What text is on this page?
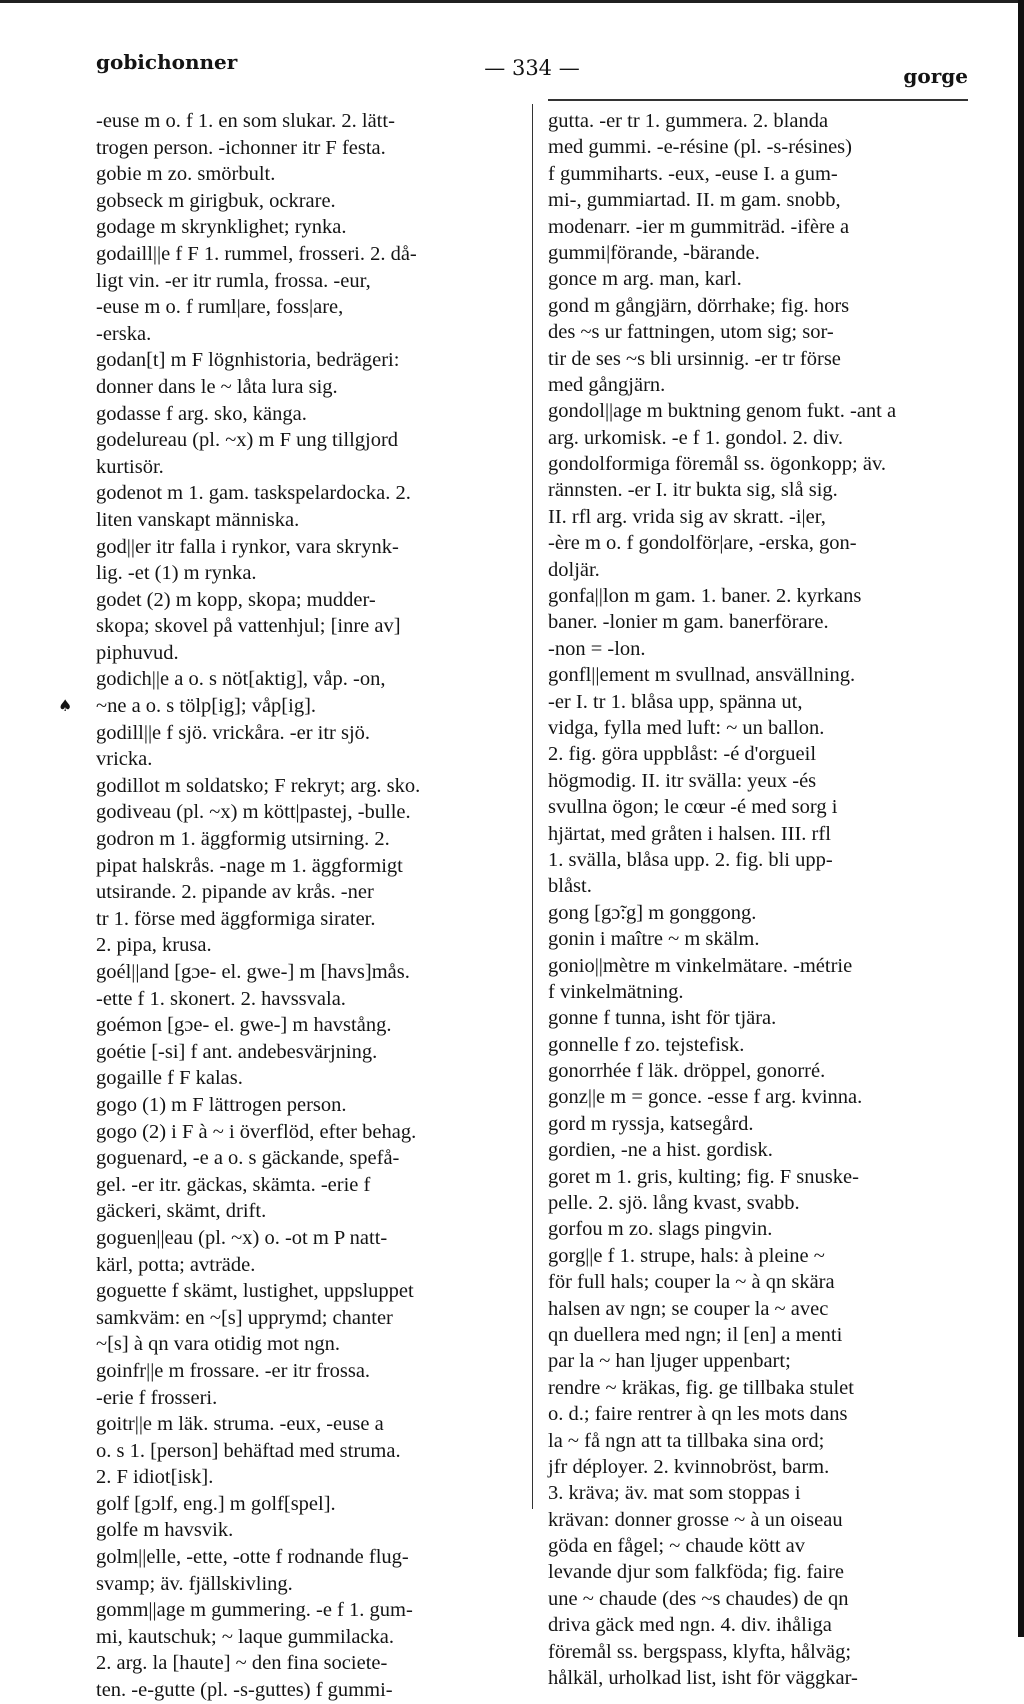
gobichonner	— 334 —	gorge
♠
-euse m o. f 1. en som slukar. 2. lätt-
trogen person. -ichonner itr F festa.
gobie m zo. smörbult.
gobseck m girigbuk, ockrare.
godage m skrynklighet; rynka.
godaill||e f F 1. rummel, frosseri. 2. då-
ligt vin. -er itr rumla, frossa. -eur,
-euse m o. f ruml|are, foss|are,
-erska.
godan[t] m F lögnhistoria, bedrägeri:
donner dans le ~ låta lura sig.
godasse f arg. sko, känga.
godelureau (pl. ~x) m F ung tillgjord
kurtisör.
godenot m 1. gam. taskspelardocka. 2.
liten vanskapt människa.
god||er itr falla i rynkor, vara skrynk-
lig. -et (1) m rynka.
godet (2) m kopp, skopa; mudder-
skopa; skovel på vattenhjul; [inre av]
piphuvud.
godich||e a o. s nöt[aktig], våp. -on,
~ne a o. s tölp[ig]; våp[ig].
godill||e f sjö. vrickåra. -er itr sjö.
vricka.
godillot m soldatsko; F rekryt; arg. sko.
godiveau (pl. ~x) m kött|pastej, -bulle.
godron m 1. äggformig utsirning. 2.
pipat halskrås. -nage m 1. äggformigt
utsirande. 2. pipande av krås. -ner
tr 1. förse med äggformiga sirater.
2. pipa, krusa.
goél||and [gɔe- el. gwe-] m [havs]mås.
-ette f 1. skonert. 2. havssvala.
goémon [gɔe- el. gwe-] m havstång.
goétie [-si] f ant. andebesvärjning.
gogaille f F kalas.
gogo (1) m F lättrogen person.
gogo (2) i F à ~ i överflöd, efter behag.
goguenard, -e a o. s gäckande, spefå-
gel. -er itr. gäckas, skämta. -erie f
gäckeri, skämt, drift.
goguen||eau (pl. ~x) o. -ot m P natt-
kärl, potta; avträde.
goguette f skämt, lustighet, uppsluppet
samkväm: en ~[s] upprymd; chanter
~[s] à qn vara otidig mot ngn.
goinfr||e m frossare. -er itr frossa.
-erie f frosseri.
goitr||e m läk. struma. -eux, -euse a
o. s 1. [person] behäftad med struma.
2. F idiot[isk].
golf [gɔlf, eng.] m golf[spel].
golfe m havsvik.
golm||elle, -ette, -otte f rodnande flug-
svamp; äv. fjällskivling.
gomm||age m gummering. -e f 1. gum-
mi, kautschuk; ~ laque gummilacka.
2. arg. la [haute] ~ den fina societe-
ten. -e-gutte (pl. -s-guttes) f gummi-
gutta. -er tr 1. gummera. 2. blanda
med gummi. -e-résine (pl. -s-résines)
f gummiharts. -eux, -euse I. a gum-
mi-, gummiartad. II. m gam. snobb,
modenarr. -ier m gummiträd. -ifère a
gummi|förande, -bärande.
gonce m arg. man, karl.
gond m gångjärn, dörrhake; fig. hors
des ~s ur fattningen, utom sig; sor-
tir de ses ~s bli ursinnig. -er tr förse
med gångjärn.
gondol||age m buktning genom fukt. -ant a
arg. urkomisk. -e f 1. gondol. 2. div.
gondolformiga föremål ss. ögonkopp; äv.
rännsten. -er I. itr bukta sig, slå sig.
II. rfl arg. vrida sig av skratt. -i|er,
-ère m o. f gondolför|are, -erska, gon-
doljär.
gonfa||lon m gam. 1. baner. 2. kyrkans
baner. -lonier m gam. banerförare.
-non = -lon.
gonfl||ement m svullnad, ansvällning.
-er I. tr 1. blåsa upp, spänna ut,
vidga, fylla med luft: ~ un ballon.
2. fig. göra uppblåst: -é d'orgueil
högmodig. II. itr svälla: yeux -és
svullna ögon; le cœur -é med sorg i
hjärtat, med gråten i halsen. III. rfl
1. svälla, blåsa upp. 2. fig. bli upp-
blåst.
gong [gɔ̃:g] m gonggong.
gonin i maître ~ m skälm.
gonio||mètre m vinkelmätare. -métrie
f vinkelmätning.
gonne f tunna, isht för tjära.
gonnelle f zo. tejstefisk.
gonorrhée f läk. dröppel, gonorré.
gonz||e m = gonce. -esse f arg. kvinna.
gord m ryssja, katsegård.
gordien, -ne a hist. gordisk.
goret m 1. gris, kulting; fig. F snuske-
pelle. 2. sjö. lång kvast, svabb.
gorfou m zo. slags pingvin.
gorg||e f 1. strupe, hals: à pleine ~
för full hals; couper la ~ à qn skära
halsen av ngn; se couper la ~ avec
qn duellera med ngn; il [en] a menti
par la ~ han ljuger uppenbart;
rendre ~ kräkas, fig. ge tillbaka stulet
o. d.; faire rentrer à qn les mots dans
la ~ få ngn att ta tillbaka sina ord;
jfr déployer. 2. kvinnobröst, barm.
3. kräva; äv. mat som stoppas i
krävan: donner grosse ~ à un oiseau
göda en fågel; ~ chaude kött av
levande djur som falkföda; fig. faire
une ~ chaude (des ~s chaudes) de qn
driva gäck med ngn. 4. div. ihåliga
föremål ss. bergspass, klyfta, hålväg;
hålkäl, urholkad list, isht för väggkar-
